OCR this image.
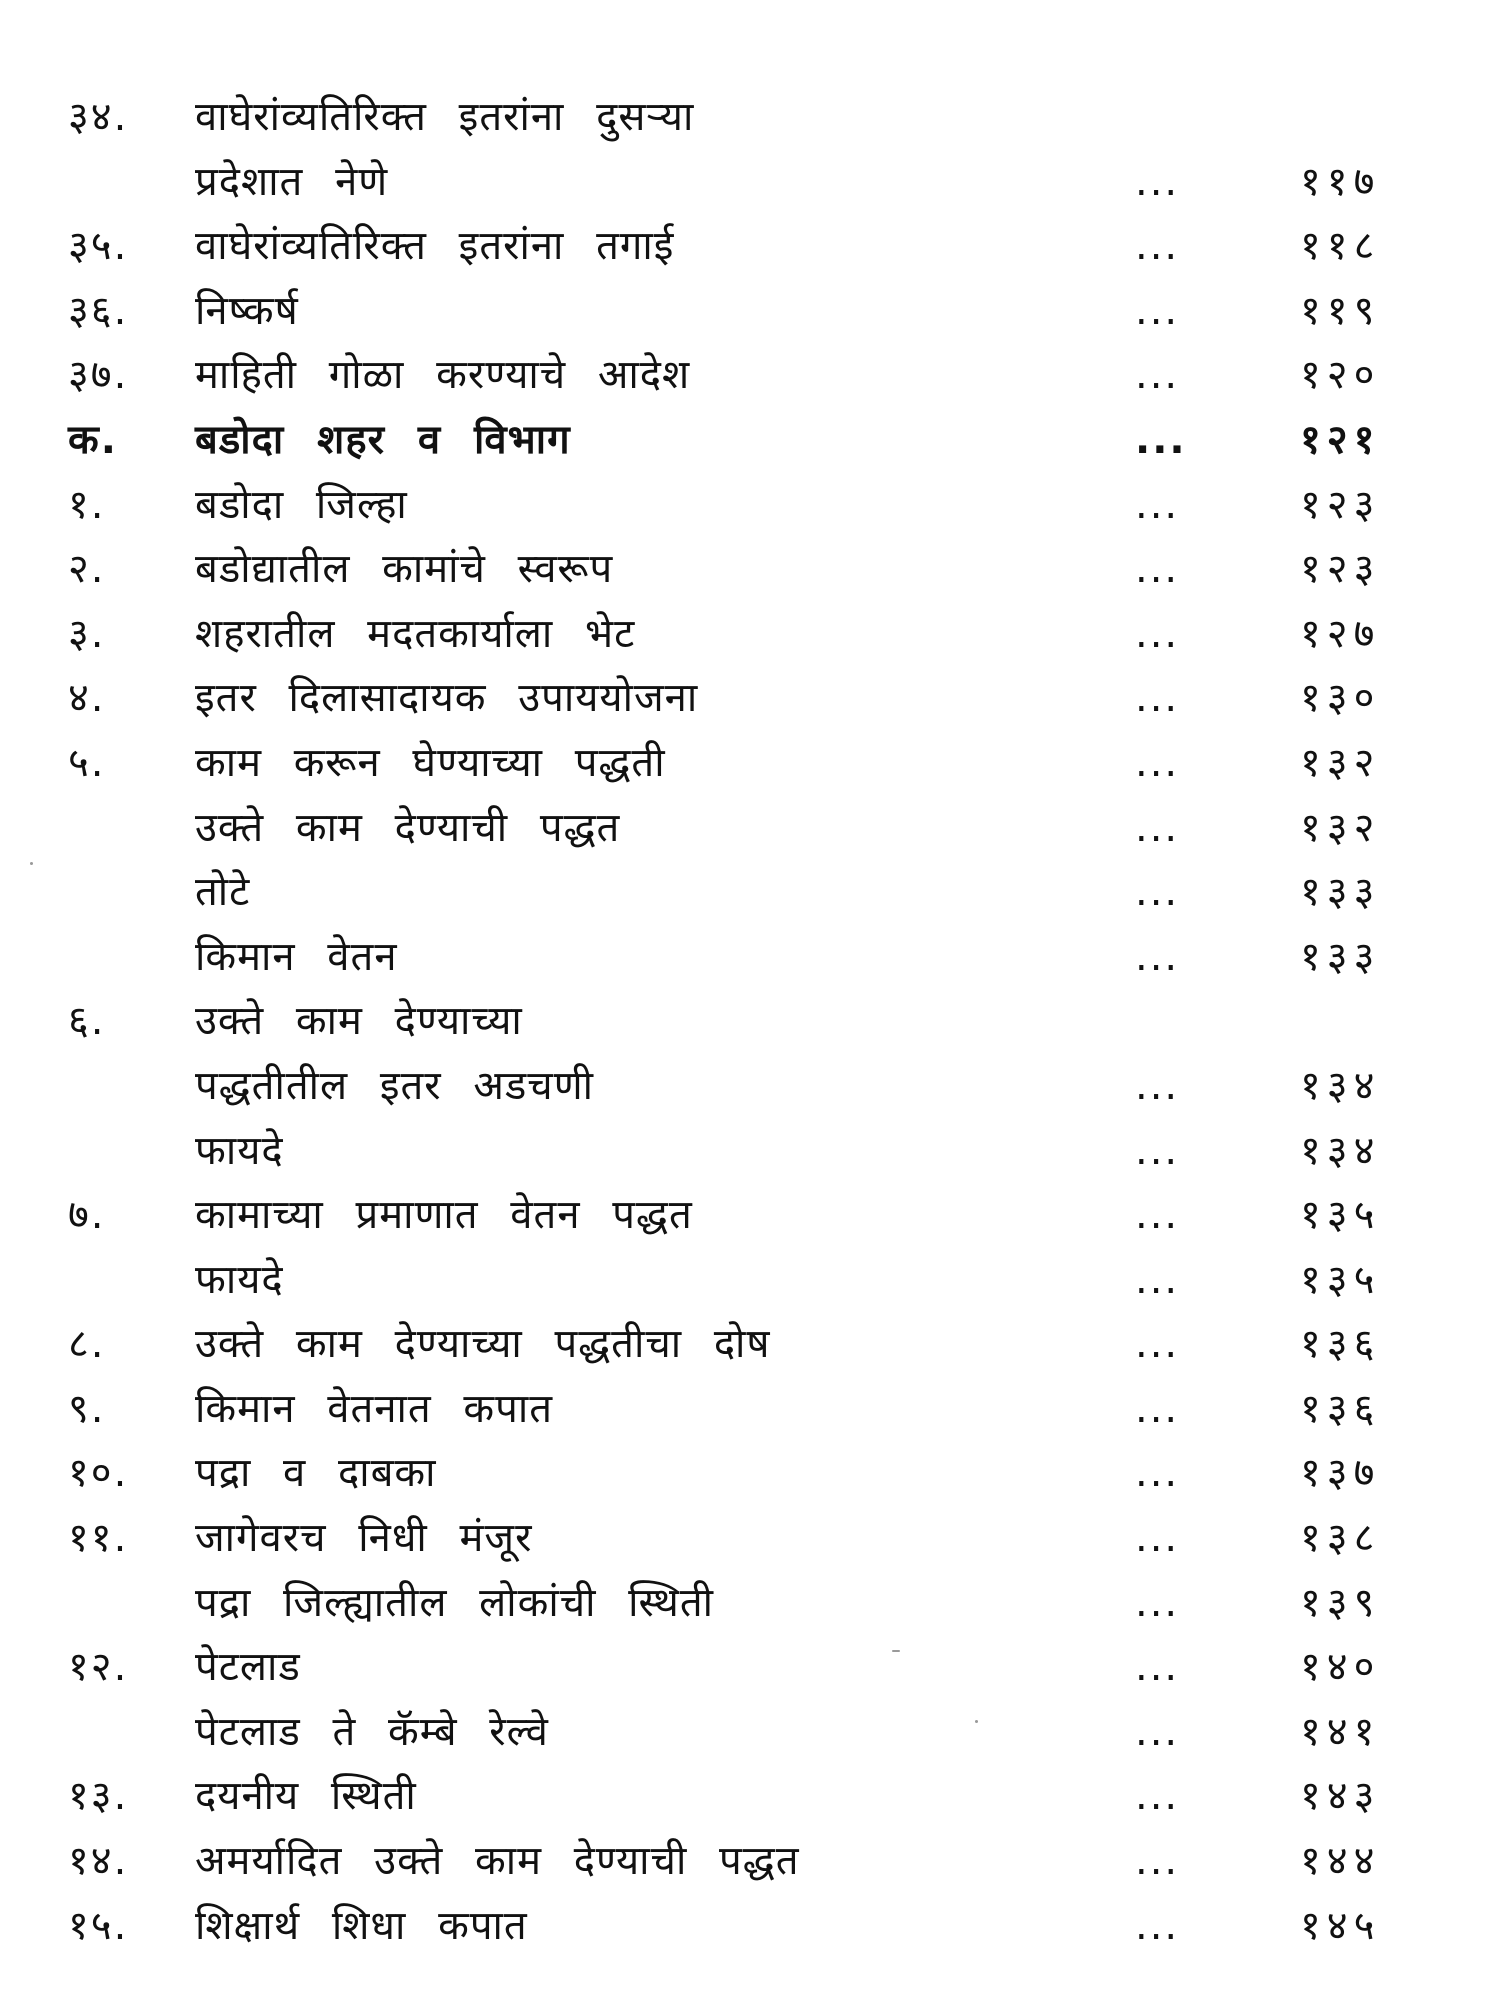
३४.	वाघेरांव्यतिरिक्त इतरांना दुसऱ्या
प्रदेशात नेणे	...	११७
३५.	वाघेरांव्यतिरिक्त इतरांना तगाई	...	११८
३६.	निष्कर्ष	...	११९
३७.	माहिती गोळा करण्याचे आदेश	...	१२०
क.	बडोदा शहर व विभाग	...	१२१
१.	बडोदा जिल्हा	...	१२३
२.	बडोद्यातील कामांचे स्वरूप	...	१२३
३.	शहरातील मदतकार्याला भेट	...	१२७
४.	इतर दिलासादायक उपाययोजना	...	१३०
५.	काम करून घेण्याच्या पद्धती	...	१३२
उक्ते काम देण्याची पद्धत	...	१३२
तोटे	...	१३३
किमान वेतन	...	१३३
६.	उक्ते काम देण्याच्या
पद्धतीतील इतर अडचणी	...	१३४
फायदे	...	१३४
७.	कामाच्या प्रमाणात वेतन पद्धत	...	१३५
फायदे	...	१३५
८.	उक्ते काम देण्याच्या पद्धतीचा दोष	...	१३६
९.	किमान वेतनात कपात	...	१३६
१०.	पद्रा व दाबका	...	१३७
११.	जागेवरच निधी मंजूर	...	१३८
पद्रा जिल्ह्यातील लोकांची स्थिती	...	१३९
१२.	पेटलाड	...	१४०
पेटलाड ते कॅम्बे रेल्वे	...	१४१
१३.	दयनीय स्थिती	...	१४३
१४.	अमर्यादित उक्ते काम देण्याची पद्धत	...	१४४
१५.	शिक्षार्थ शिधा कपात	...	१४५
